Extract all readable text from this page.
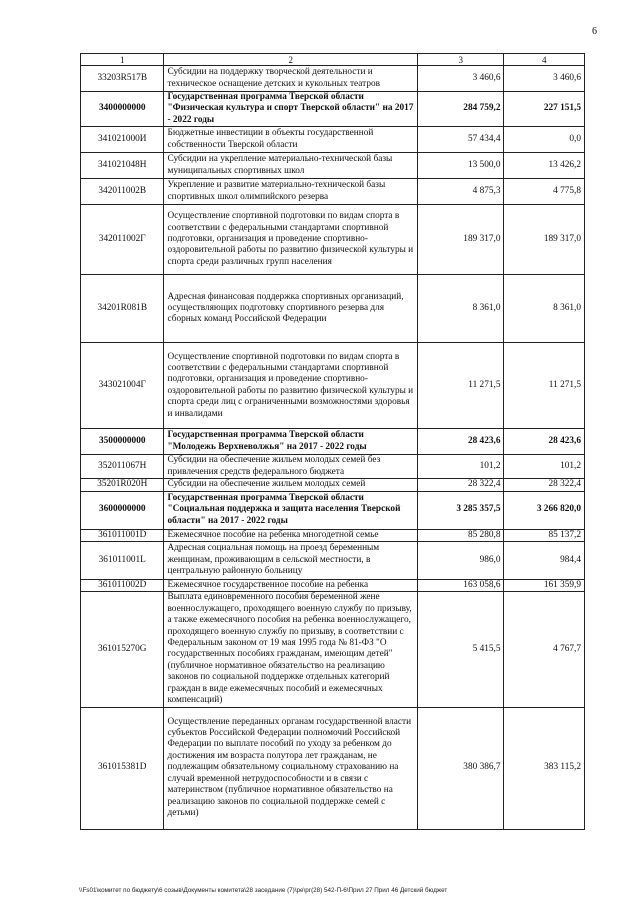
6
1	2	3	4
33203R517B	Субсидии на поддержку творческой деятельности и техническое оснащение детских и кукольных театров	3 460,6	3 460,6
3400000000	Государственная программа Тверской области "Физическая культура и спорт Тверской области" на 2017 - 2022 годы	284 759,2	227 151,5
341021000И	Бюджетные инвестиции в объекты государственной собственности Тверской области	57 434,4	0,0
341021048H	Субсидии на укрепление материально-технической базы муниципальных спортивных школ	13 500,0	13 426,2
342011002B	Укрепление и развитие материально-технической базы спортивных школ олимпийского резерва	4 875,3	4 775,8
342011002Г	Осуществление спортивной подготовки по видам спорта в соответствии с федеральными стандартами спортивной подготовки, организация и проведение спортивно-оздоровительной работы по развитию физической культуры и спорта среди различных групп населения	189 317,0	189 317,0
34201R081B	Адресная финансовая поддержка спортивных организаций, осуществляющих подготовку спортивного резерва для сборных команд Российской Федерации	8 361,0	8 361,0
343021004Г	Осуществление спортивной подготовки по видам спорта в соответствии с федеральными стандартами спортивной подготовки, организация и проведение спортивно-оздоровительной работы по развитию физической культуры и спорта среди лиц с ограниченными возможностями здоровья и инвалидами	11 271,5	11 271,5
3500000000	Государственная программа Тверской области "Молодежь Верхневолжья" на 2017 - 2022 годы	28 423,6	28 423,6
352011067H	Субсидии на обеспечение жильем молодых семей без привлечения средств федерального бюджета	101,2	101,2
35201R020H	Субсидии на обеспечение жильем молодых семей	28 322,4	28 322,4
3600000000	Государственная программа Тверской области "Социальная поддержка и защита населения Тверской области" на 2017 - 2022 годы	3 285 357,5	3 266 820,0
361011001D	Ежемесячное пособие на ребенка многодетной семье	85 280,8	85 137,2
361011001L	Адресная социальная помощь на проезд беременным женщинам, проживающим в сельской местности, в центральную районную больницу	986,0	984,4
361011002D	Ежемесячное государственное пособие на ребенка	163 058,6	161 359,9
361015270G	Выплата единовременного пособия беременной жене военнослужащего, проходящего военную службу по призыву, а также ежемесячного пособия на ребенка военнослужащего, проходящего военную службу по призыву, в соответствии с Федеральным законом от 19 мая 1995 года № 81-ФЗ "О государственных пособиях гражданам, имеющим детей" (публичное нормативное обязательство на реализацию законов по социальной поддержке отдельных категорий граждан в виде ежемесячных пособий и ежемесячных компенсаций)	5 415,5	4 767,7
361015381D	Осуществление переданных органам государственной власти субъектов Российской Федерации полномочий Российской Федерации по выплате пособий по уходу за ребенком до достижения им возраста полутора лет гражданам, не подлежащим обязательному социальному страхованию на случай временной нетрудоспособности и в связи с материнством (публичное нормативное обязательство на реализацию законов по социальной поддержке семей с детьми)	380 386,7	383 115,2
\\Fs01\комитет по бюджету\6 созыв\Документы комитета\28 заседание (7)\ре\рг(28) 542-П-6\Прил 27 Прил 46 Детский бюджет
